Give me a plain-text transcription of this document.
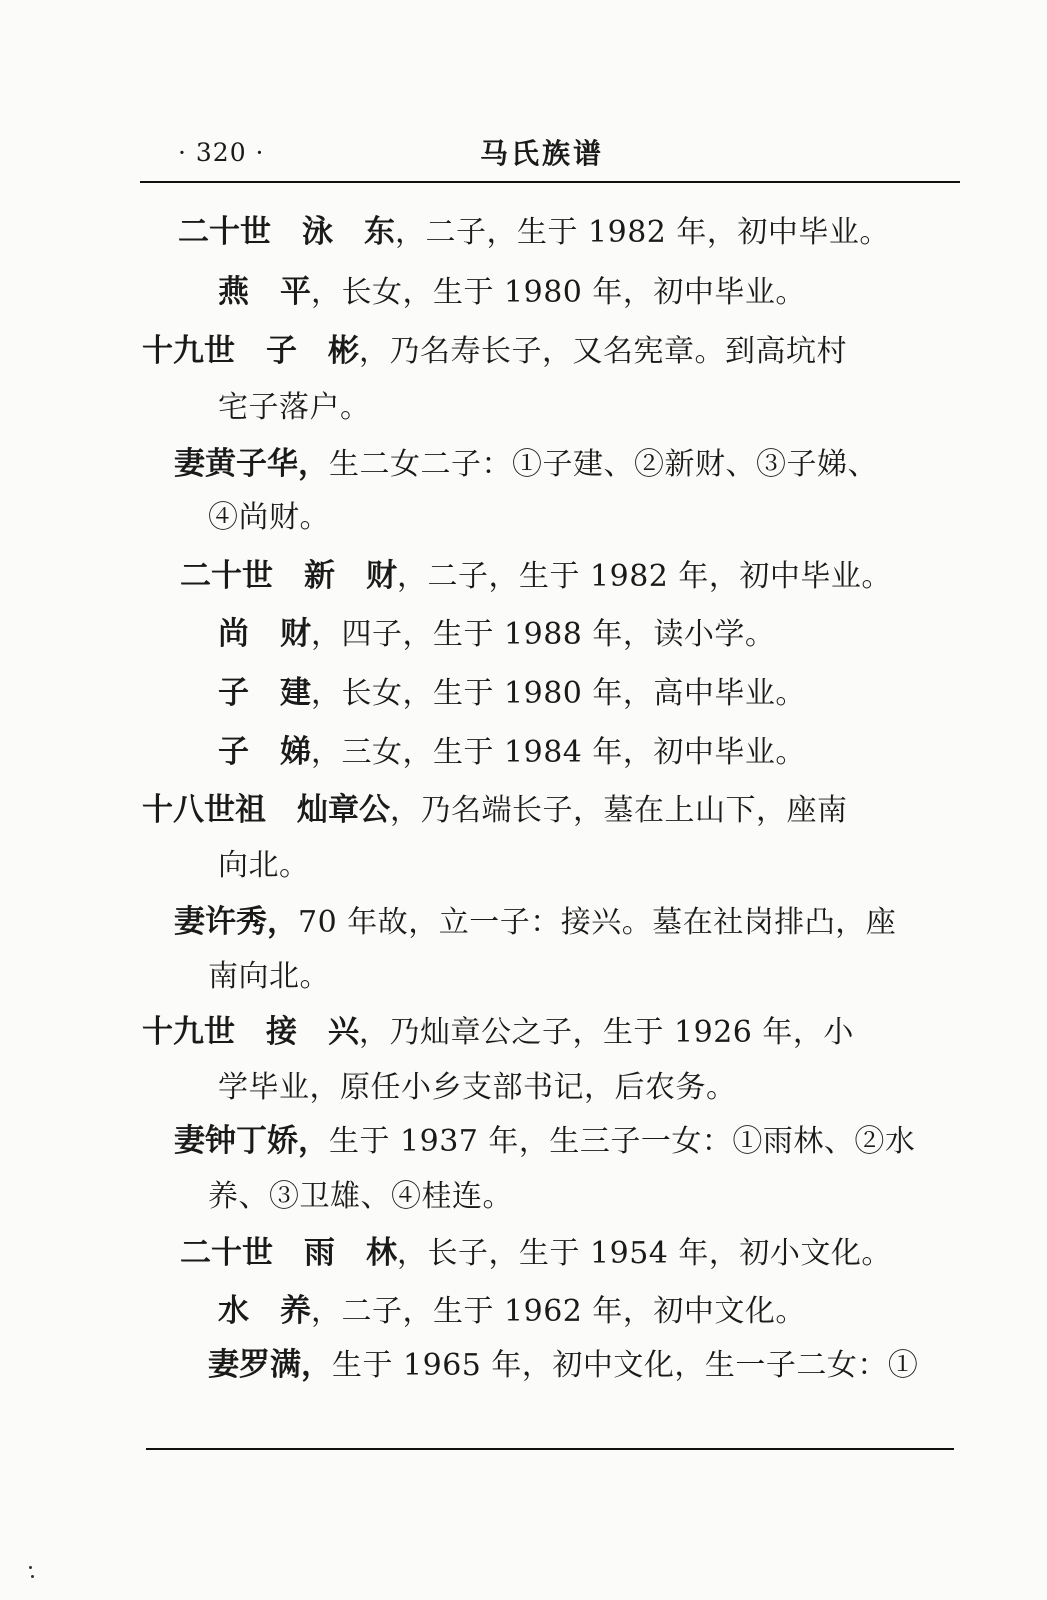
· 320 ·	马氏族谱
二十世　泳　东，二子，生于 1982 年，初中毕业。
燕　平，长女，生于 1980 年，初中毕业。
十九世　子　彬，乃名寿长子，又名宪章。到高坑村
宅子落户。
妻黄子华，生二女二子：①子建、②新财、③子娣、
④尚财。
二十世　新　财，二子，生于 1982 年，初中毕业。
尚　财，四子，生于 1988 年，读小学。
子　建，长女，生于 1980 年，高中毕业。
子　娣，三女，生于 1984 年，初中毕业。
十八世祖　灿章公，乃名端长子，墓在上山下，座南
向北。
妻许秀，70 年故，立一子：接兴。墓在社岗排凸，座
南向北。
十九世　接　兴，乃灿章公之子，生于 1926 年，小
学毕业，原任小乡支部书记，后农务。
妻钟丁娇，生于 1937 年，生三子一女：①雨林、②水
养、③卫雄、④桂连。
二十世　雨　林，长子，生于 1954 年，初小文化。
水　养，二子，生于 1962 年，初中文化。
妻罗满，生于 1965 年，初中文化，生一子二女：①
